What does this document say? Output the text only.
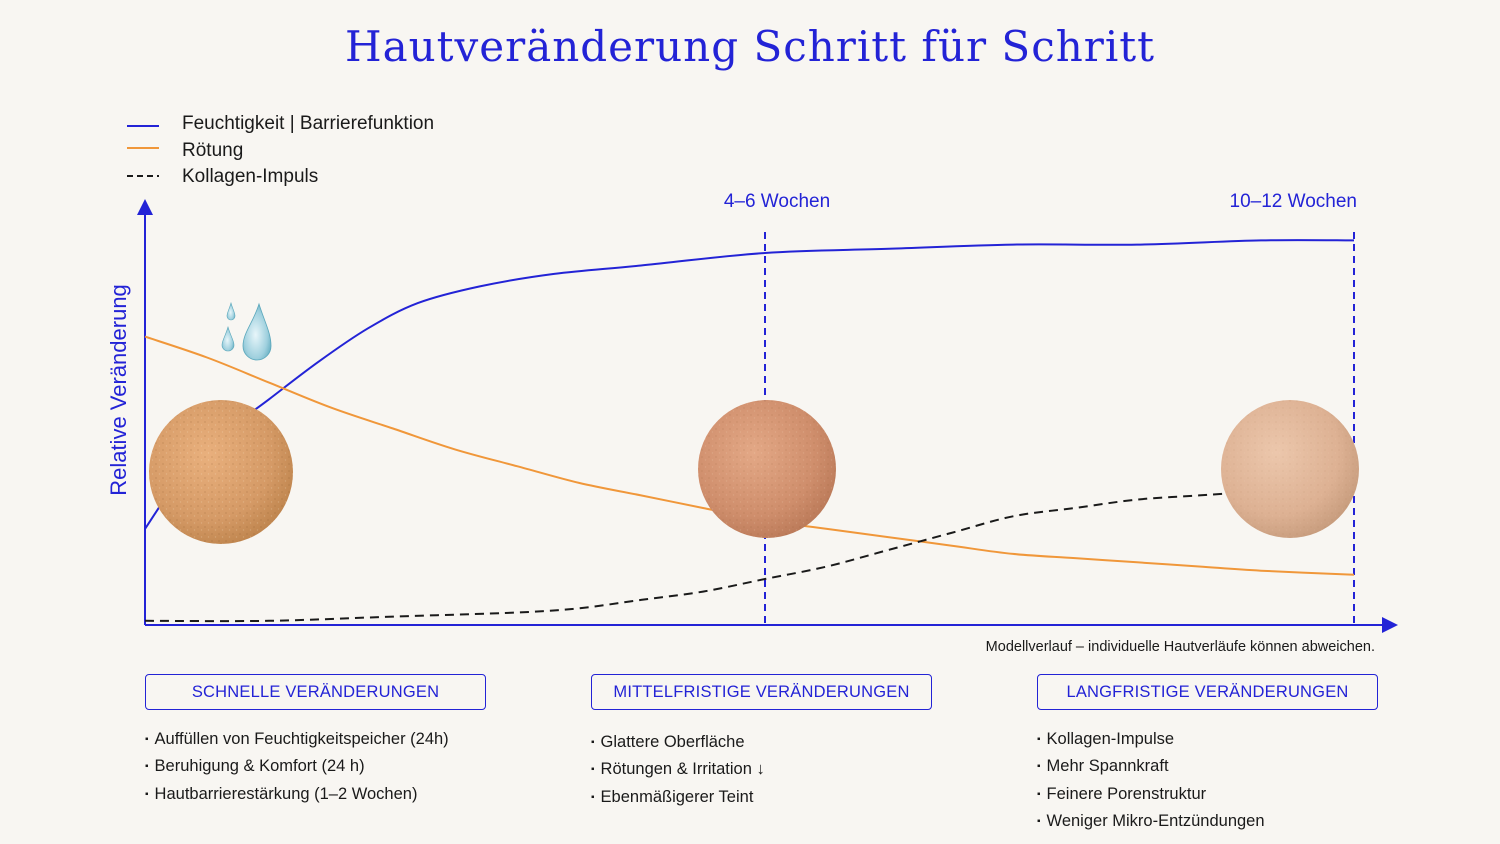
Hautveränderung Schritt für Schritt
Feuchtigkeit | Barrierefunktion
Rötung
Kollagen-Impuls
Relative Veränderung
4–6 Wochen	10–12 Wochen
Modellverlauf – individuelle Hautverläufe können abweichen.
SCHNELLE VERÄNDERUNGEN	MITTELFRISTIGE VERÄNDERUNGEN	LANGFRISTIGE VERÄNDERUNGEN
▪ Auffüllen von Feuchtigkeitspeicher (24h)
▪ Beruhigung & Komfort (24 h)
▪ Hautbarrierestärkung (1–2 Wochen)
▪ Glattere Oberfläche
▪ Rötungen & Irritation ↓
▪ Ebenmäßigerer Teint
▪ Kollagen-Impulse
▪ Mehr Spannkraft
▪ Feinere Porenstruktur
▪ Weniger Mikro-Entzündungen
